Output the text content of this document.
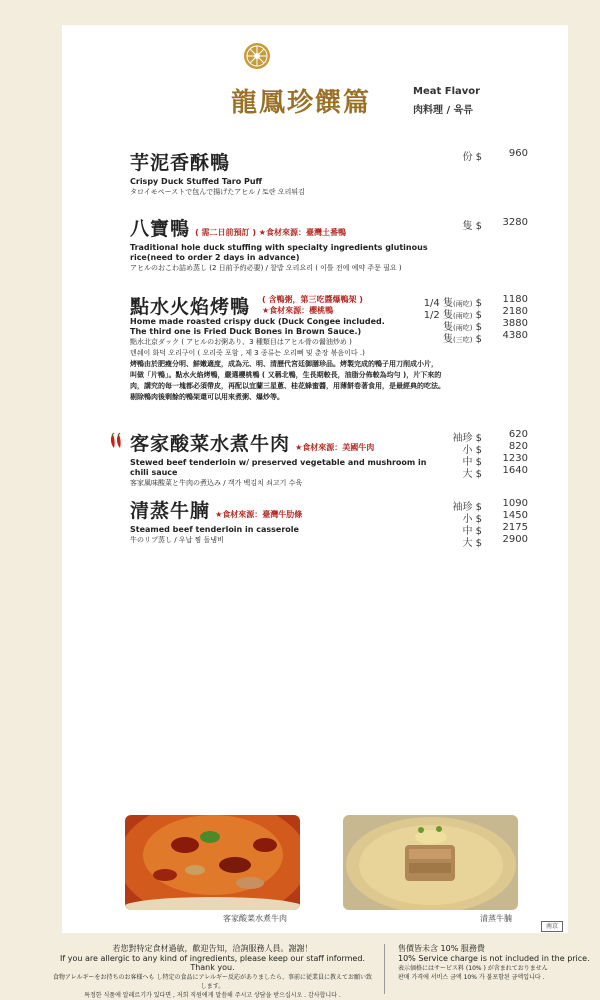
龍鳳珍饌篇	Meat Flavor
肉料理 / 육류
芋泥香酥鴨
Crispy Duck Stuffed Taro Puff
タロイモペーストで包んで揚げたアヒル / 토란 오리튀김
份 $	960
八寶鴨 ( 需二日前預訂 ) ★食材來源：臺灣土番鴨
Traditional hole duck stuffing with specialty ingredients glutinous rice(need to order 2 days in advance)
アヒルのおこわ詰め蒸し (2 日前予約必要) / 찰밥 오리요리 ( 이틀 전에 예약 주문 필요 )
隻 $ 3280
點水火焰烤鴨 ( 含鴨粥，第三吃醬爆鴨架 )
★食材來源：櫻桃鴨
Home made roasted crispy duck (Duck Congee included.
The third one is Fried Duck Bones in Brown Sauce.)
點水北京ダック ( アヒルのお粥あり、3 種類目はアヒル骨の醤油炒め )
덴쉐이 화덕 오리구이 ( 오리죽 포함 , 제 3 종류는 오리뼈 및 춘장 볶음이다 .)
烤鴨由於肥瘦分明、鮮嫩適度，成為元、明、清歷代宮廷御膳珍品。烤製完成的鴨子用刀削成小片，
叫做「片鴨」。點水火焰烤鴨，嚴選櫻桃鴨 ( 又稱北鴨，生長期較長，油脂分佈較為均勻 )，片下來的
肉，講究的每一塊都必須帶皮，再配以宜蘭三星蔥、桂花蜂蜜醬，用薄餅卷著食用，是最經典的吃法。
剔除鴨肉後剩餘的鴨架還可以用來煮粥、爆炒等。
1/4 隻(兩吃) $ 1180
1/2 隻(兩吃) $ 2180
隻(兩吃) $ 3880
隻(三吃) $ 4380
客家酸菜水煮牛肉 ★食材來源：美國牛肉
Stewed beef tenderloin w/ preserved vegetable and mushroom in chili sauce
客家風味酸菜と牛肉の煮込み / 객가 백김치 쇠고기 수육
袖珍 $	620
小 $	820
中 $ 1230
大 $ 1640
清蒸牛腩 ★食材來源：臺灣牛肋條
Steamed beef tenderloin in casserole
牛のリブ蒸し / 우납 찜 돌냄비
袖珍 $ 1090
小 $ 1450
中 $ 2175
大 $ 2900
客家酸菜水煮牛肉	清蒸牛腩
南京
若您對特定食材過敏，歡迎告知，洽詢服務人員。謝謝！
If you are allergic to any kind of ingredients, please keep our staff informed. Thank you.
食物アレルギーをお持ちのお客様へも し特定の食品にアレルギー反応がありましたら、事前に従業員に教えてお願い致します。
특정한 식품에 알레르기가 있다면 , 저희 직원에게 말씀해 주시고 상담을 받으십시오 . 감사합니다 .
售價皆未含 10% 服務費
10% Service charge is not included in the price.
表示価格にはサービス料 (10% ) が含まれておりません
판매 가격에 서비스 금액 10% 가 불포함된 금액입니다 .
